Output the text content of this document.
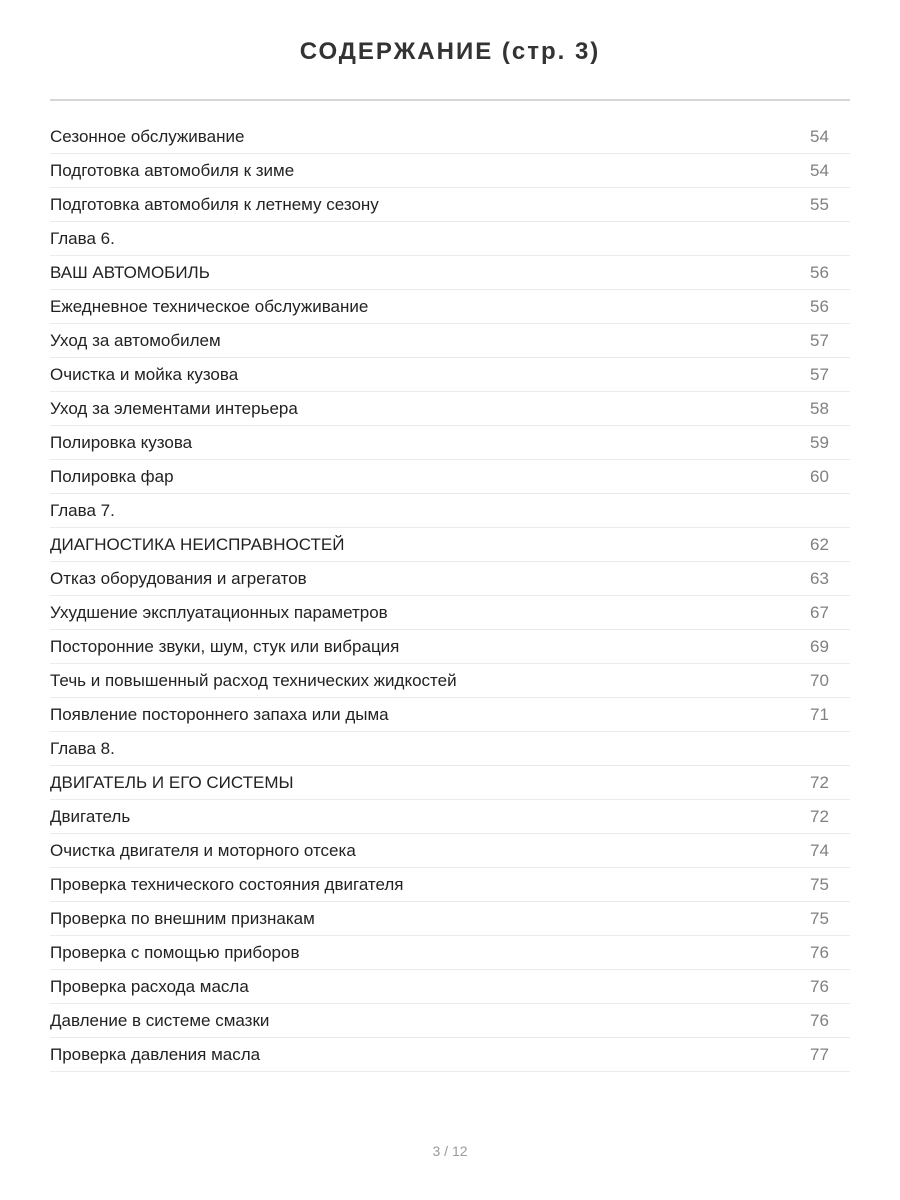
СОДЕРЖАНИЕ (стр. 3)
Сезонное обслуживание	54
Подготовка автомобиля к зиме	54
Подготовка автомобиля к летнему сезону	55
Глава 6.
ВАШ АВТОМОБИЛЬ	56
Ежедневное техническое обслуживание	56
Уход за автомобилем	57
Очистка и мойка кузова	57
Уход за элементами интерьера	58
Полировка кузова	59
Полировка фар	60
Глава 7.
ДИАГНОСТИКА НЕИСПРАВНОСТЕЙ	62
Отказ оборудования и агрегатов	63
Ухудшение эксплуатационных параметров	67
Посторонние звуки, шум, стук или вибрация	69
Течь и повышенный расход технических жидкостей	70
Появление постороннего запаха или дыма	71
Глава 8.
ДВИГАТЕЛЬ И ЕГО СИСТЕМЫ	72
Двигатель	72
Очистка двигателя и моторного отсека	74
Проверка технического состояния двигателя	75
Проверка по внешним признакам	75
Проверка с помощью приборов	76
Проверка расхода масла	76
Давление в системе смазки	76
Проверка давления масла	77
3 / 12
